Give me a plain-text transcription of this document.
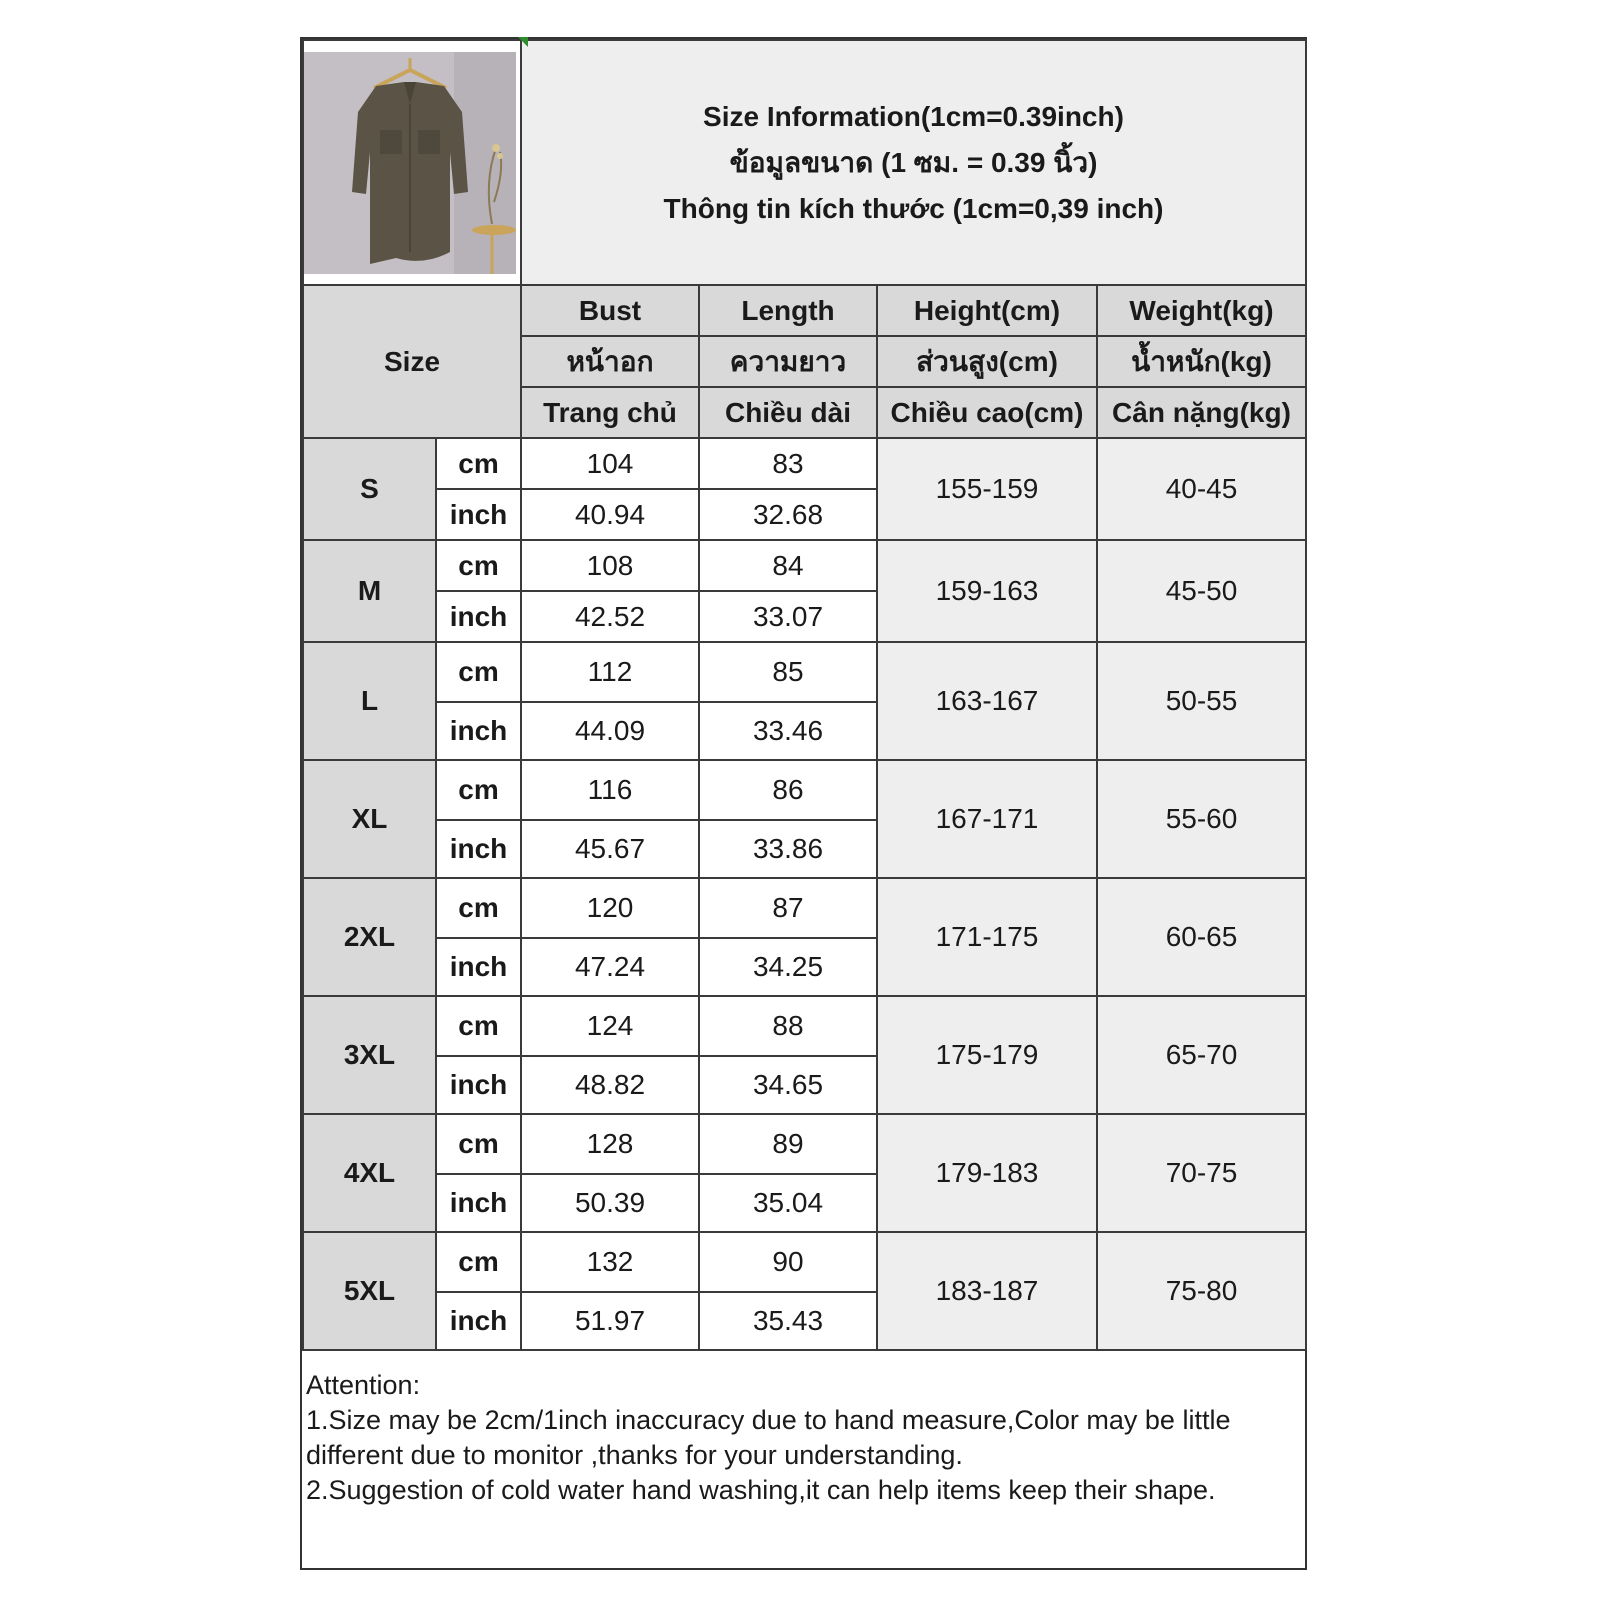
Size Information(1cm=0.39inch)
ข้อมูลขนาด (1 ซม. = 0.39 นิ้ว)
Thông tin kích thước (1cm=0,39 inch)			

Size		Bust	Length	Height(cm)	Weight(kg)
		หน้าอก	ความยาว	ส่วนสูง(cm)	น้ำหนัก(kg)
		Trang chủ	Chiều dài	Chiều cao(cm)	Cân nặng(kg)
S	cm	104	83	155-159	40-45
	inch	40.94	32.68		
M	cm	108	84	159-163	45-50
	inch	42.52	33.07		
L	cm	112	85	163-167	50-55
	inch	44.09	33.46		
XL	cm	116	86	167-171	55-60
	inch	45.67	33.86		
2XL	cm	120	87	171-175	60-65
	inch	47.24	34.25		
3XL	cm	124	88	175-179	65-70
	inch	48.82	34.65		
4XL	cm	128	89	179-183	70-75
	inch	50.39	35.04		
5XL	cm	132	90	183-187	75-80
	inch	51.97	35.43		

Attention:

1.Size may be 2cm/1inch inaccuracy due to hand measure,Color may be little different due to monitor ,thanks for your understanding.

2.Suggestion of cold water hand washing,it can help items keep their shape.
